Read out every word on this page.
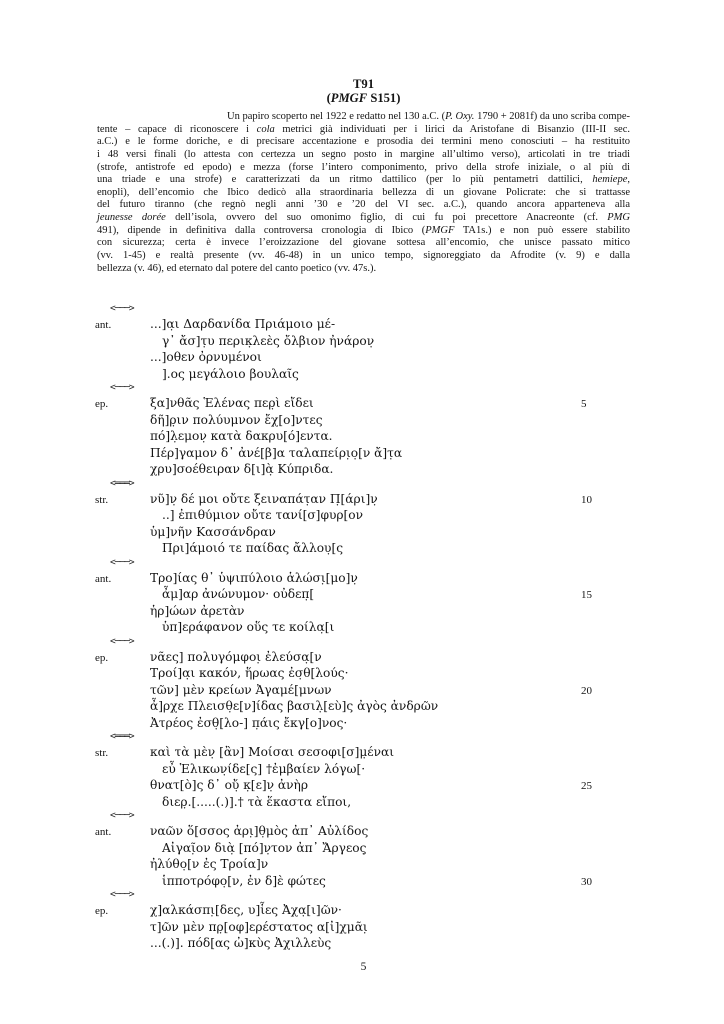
T91
(PMGF S151)
Un papiro scoperto nel 1922 e redatto nel 130 a.C. (P. Oxy. 1790 + 2081f) da uno scriba compe-
tente – capace di riconoscere i cola metrici già individuati per i lirici da Aristofane di Bisanzio (III-II sec.
a.C.) e le forme doriche, e di precisare accentazione e prosodia dei termini meno conosciuti – ha restituito
i 48 versi finali (lo attesta con certezza un segno posto in margine all’ultimo verso), articolati in tre triadi
(strofe, antistrofe ed epodo) e mezza (forse l’intero componimento, privo della strofe iniziale, o al più di
una triade e una strofe) e caratterizzati da un ritmo dattilico (per lo più pentametri dattilici, hemiepe,
enopli), dell’encomio che Ibico dedicò alla straordinaria bellezza di un giovane Policrate: che si trattasse
del futuro tiranno (che regnò negli anni ’30 e ’20 del VI sec. a.C.), quando ancora apparteneva alla
jeunesse dorée dell’isola, ovvero del suo omonimo figlio, di cui fu poi precettore Anacreonte (cf. PMG
491), dipende in definitiva dalla controversa cronologia di Ibico (PMGF TA1s.) e non può essere stabilito
con sicurezza; certa è invece l’eroizzazione del giovane sottesa all’encomio, che unisce passato mitico
(vv. 1-45) e realtà presente (vv. 46-48) in un unico tempo, signoreggiato da Afrodite (v. 9) e dalla
bellezza (v. 46), ed eternato dal potere del canto poetico (vv. 47s.).
<───>
ant.	...]α̣ι Δαρδανίδα Πριάμοιο μέ-
γ᾽ ἄσ]τ̣υ περικ̣λεὲς ὄλβιον ἠνάρον̣
...]οθεν ὀρνυμένοι
].ος μεγάλοιο βουλαῖς
<───>
ep.	ξα]νθᾶς Ἑλένας περ̣ὶ εἴδει	5
δῆ]ρ̣ιν πολύυμνον ἔχ[ο]ντες
πό]λ̣εμον̣ κατὰ δακρυ[ό]εντα.
Πέρ]γαμον δ᾽ ἀνέ[β]α ταλαπείρι̣ο̣[ν ἄ]τ̣α
χρυ]σοέθειραν δ[ι]ὰ̣ Κύπριδα.
<═══>
str.	νῦ]ν̣ δέ μοι οὔτε ξειναπάτ̣αν Π̣[άρι]ν̣	10
..] ἐπιθύμιον οὔτε τανί[σ]φυρ[ον
ὑμ]νῆν Κασσάνδραν
Πρι]άμοιό τε παίδας ἄλλου̣[ς
<───>
ant.	Τρο]ίας θ᾽ ὑψιπύλοιο ἁλώσι̣[μο]ν̣
ἆμ]αρ ἀνώνυμον· οὐδεπ̣[	15
ἡρ]ώων ἀρετὰν
ὑπ]εράφανον οὕς τε κοίλα̣[ι
<───>
ep.	νᾶες] πολυγόμφοι̣ ἐλεύσα̣[ν
Τροί]α̣ι κακόν, ἥρωας ἐσ̣θ[λούς·
τῶν] μὲν κρείων Ἀγαμέ[μνων	20
ἆ]ρχε Πλεισθ̣ε[ν]ίδας βασιλ̣[εὺ]ς ἀγὸς ἀνδρῶν
Ἀτρέος ἐσθ̣[λο-] π̣άις ἔκγ[ο]νος·
<═══>
str.	καὶ τὰ μὲν̣ [ἂν] Μοίσαι σεσοφι[σ]μ̣έναι
εὖ Ἑλικων̣ίδε[ς] †ἐμβαίεν λόγω[·
θνατ[ὸ]ς δ᾽ οὔ̣ κ̣[ε]ν̣ ἀνὴρ	25
διερ̣.[.....(.)].† τὰ ἕκαστα εἴποι,
<───>
ant.	ναῶν ὅ[σσος ἀρι̣]θ̣μὸς ἀπ᾽ Αὐλίδος
Αἰγαῖ̣ον διὰ̣ [πό]ν̣τον ἀπ᾽ Ἄργεος̣
ἠλύθο̣[ν ἐς Τροία]ν
ἱπποτρόφο̣[ν, ἐν δ]ὲ φώτες	30
<───>
ep.	χ]αλκάσπι̣[δες, υ]ἷες Ἀχα̣[ι]ῶν·
τ]ῶν μὲν πρ̣[οφ]ερέστατος α[ἰ]χμᾶι̣
...(.)]. πόδ[ας ὠ]κὺς Ἀχιλλεὺς
5
